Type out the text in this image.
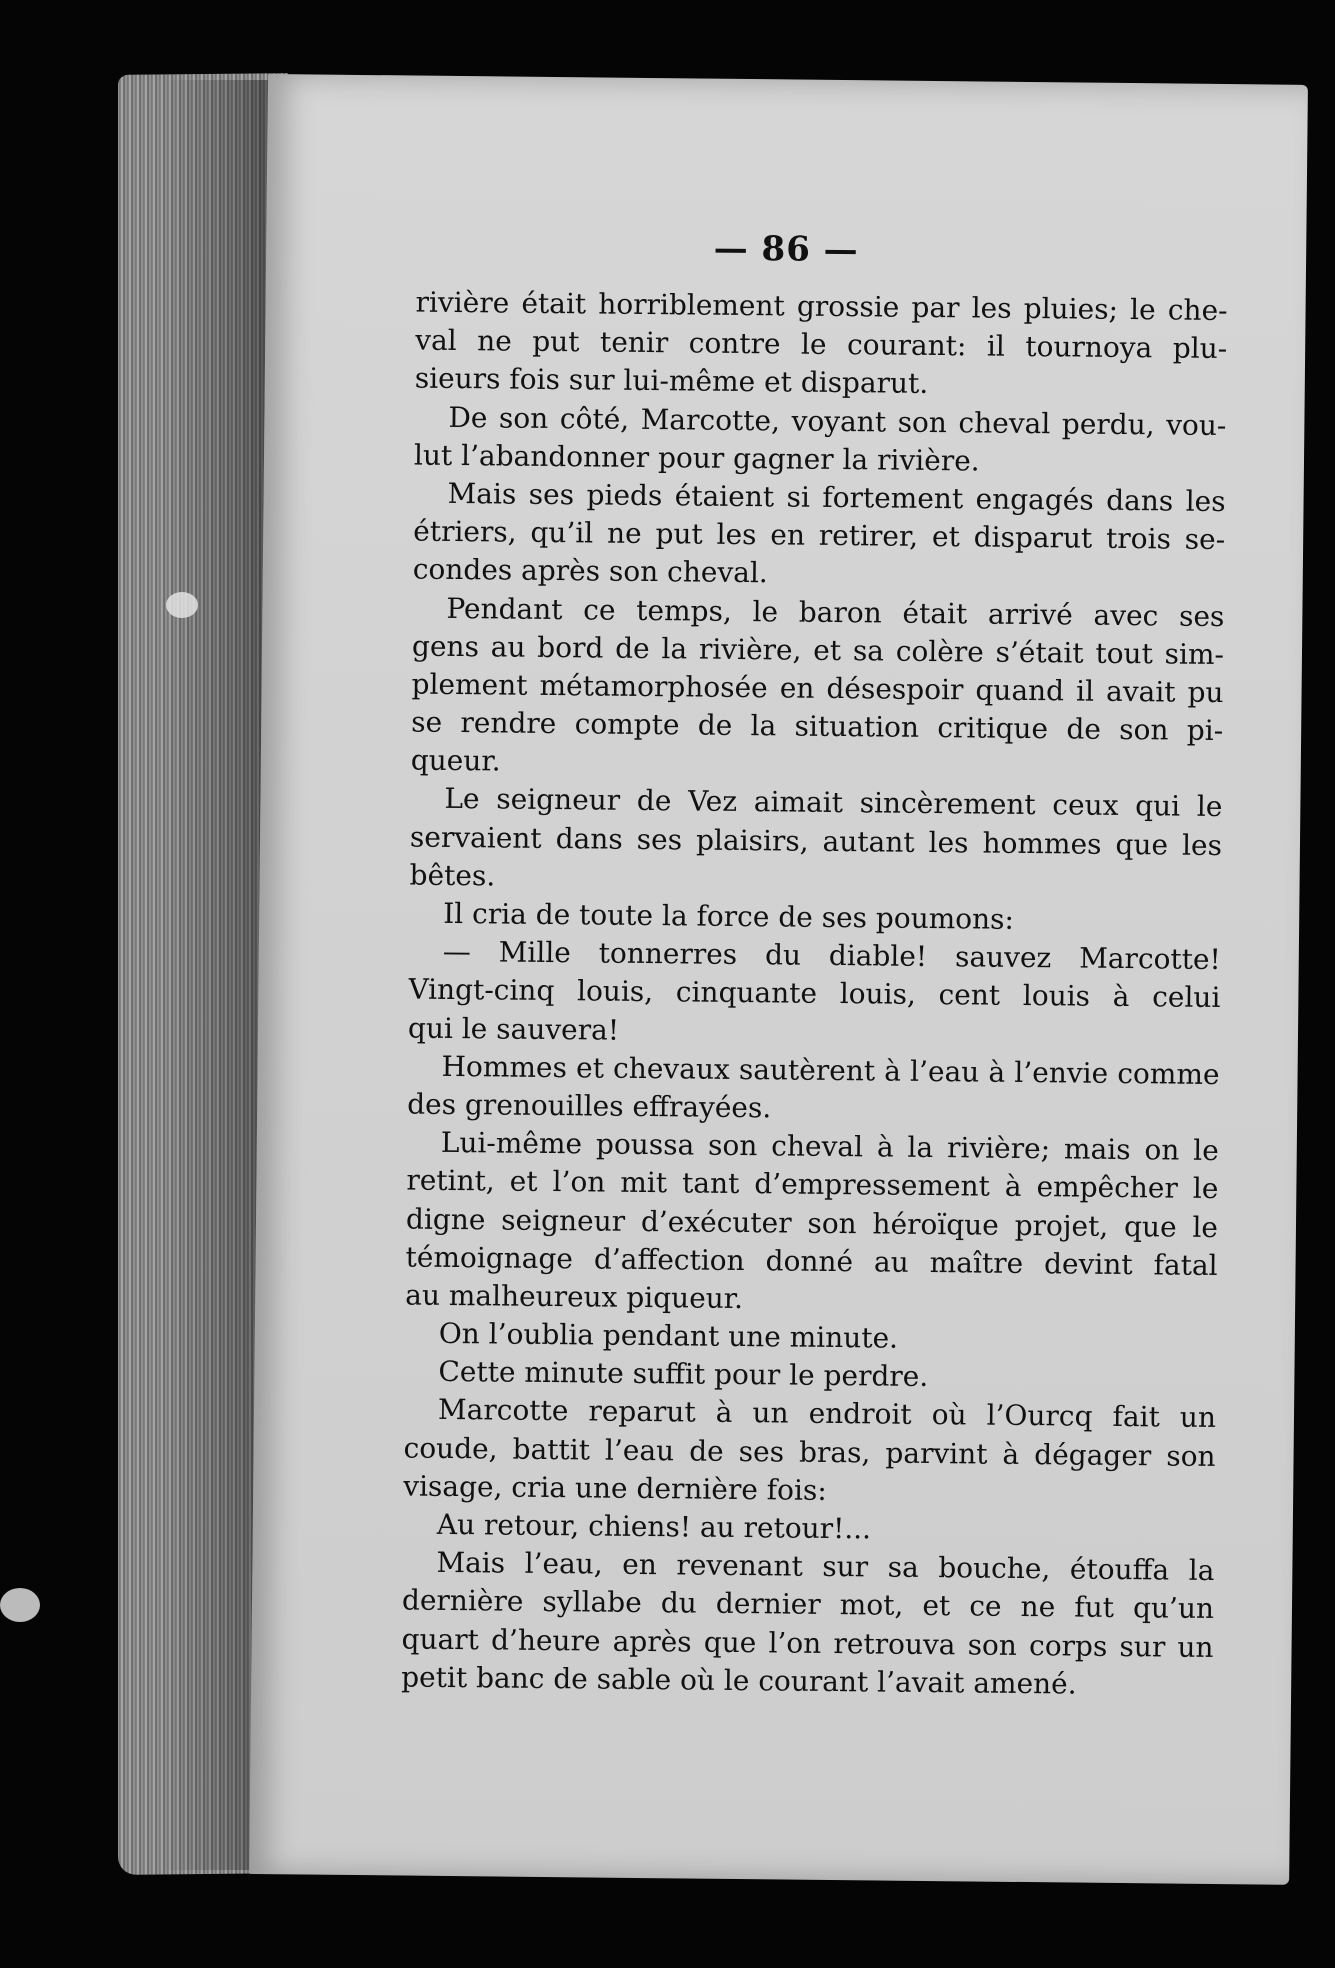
— 86 —
rivière était horriblement grossie par les pluies; le che-
val ne put tenir contre le courant: il tournoya plu-
sieurs fois sur lui-même et disparut.
De son côté, Marcotte, voyant son cheval perdu, vou-
lut l’abandonner pour gagner la rivière.
Mais ses pieds étaient si fortement engagés dans les
étriers, qu’il ne put les en retirer, et disparut trois se-
condes après son cheval.
Pendant ce temps, le baron était arrivé avec ses
gens au bord de la rivière, et sa colère s’était tout sim-
plement métamorphosée en désespoir quand il avait pu
se rendre compte de la situation critique de son pi-
queur.
Le seigneur de Vez aimait sincèrement ceux qui le
servaient dans ses plaisirs, autant les hommes que les
bêtes.
Il cria de toute la force de ses poumons:
— Mille tonnerres du diable! sauvez Marcotte!
Vingt-cinq louis, cinquante louis, cent louis à celui
qui le sauvera!
Hommes et chevaux sautèrent à l’eau à l’envie comme
des grenouilles effrayées.
Lui-même poussa son cheval à la rivière; mais on le
retint, et l’on mit tant d’empressement à empêcher le
digne seigneur d’exécuter son héroïque projet, que le
témoignage d’affection donné au maître devint fatal
au malheureux piqueur.
On l’oublia pendant une minute.
Cette minute suffit pour le perdre.
Marcotte reparut à un endroit où l’Ourcq fait un
coude, battit l’eau de ses bras, parvint à dégager son
visage, cria une dernière fois:
Au retour, chiens! au retour!...
Mais l’eau, en revenant sur sa bouche, étouffa la
dernière syllabe du dernier mot, et ce ne fut qu’un
quart d’heure après que l’on retrouva son corps sur un
petit banc de sable où le courant l’avait amené.
